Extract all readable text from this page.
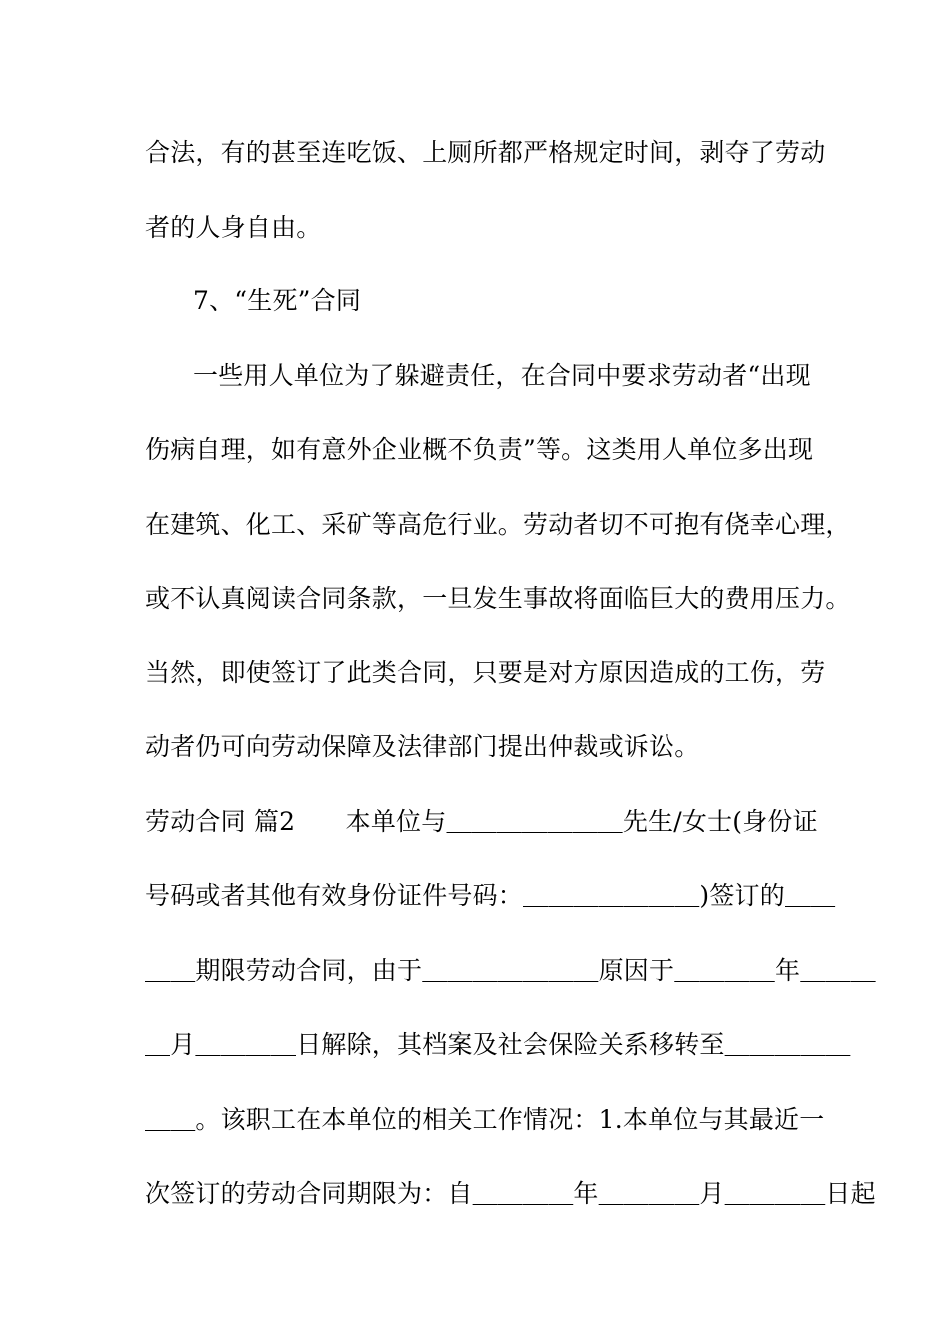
合法，有的甚至连吃饭、上厕所都严格规定时间，剥夺了劳动
者的人身自由。
7、“生死”合同
一些用人单位为了躲避责任，在合同中要求劳动者“出现
伤病自理，如有意外企业概不负责”等。这类用人单位多出现
在建筑、化工、采矿等高危行业。劳动者切不可抱有侥幸心理，
或不认真阅读合同条款，一旦发生事故将面临巨大的费用压力。
当然，即使签订了此类合同，只要是对方原因造成的工伤，劳
动者仍可向劳动保障及法律部门提出仲裁或诉讼。
劳动合同 篇2　　本单位与＿＿＿＿＿＿＿先生/女士(身份证
号码或者其他有效身份证件号码：＿＿＿＿＿＿＿)签订的＿＿
＿＿期限劳动合同，由于＿＿＿＿＿＿＿原因于＿＿＿＿年＿＿＿
＿月＿＿＿＿日解除，其档案及社会保险关系移转至＿＿＿＿＿
＿＿。该职工在本单位的相关工作情况：1.本单位与其最近一
次签订的劳动合同期限为：自＿＿＿＿年＿＿＿＿月＿＿＿＿日起
